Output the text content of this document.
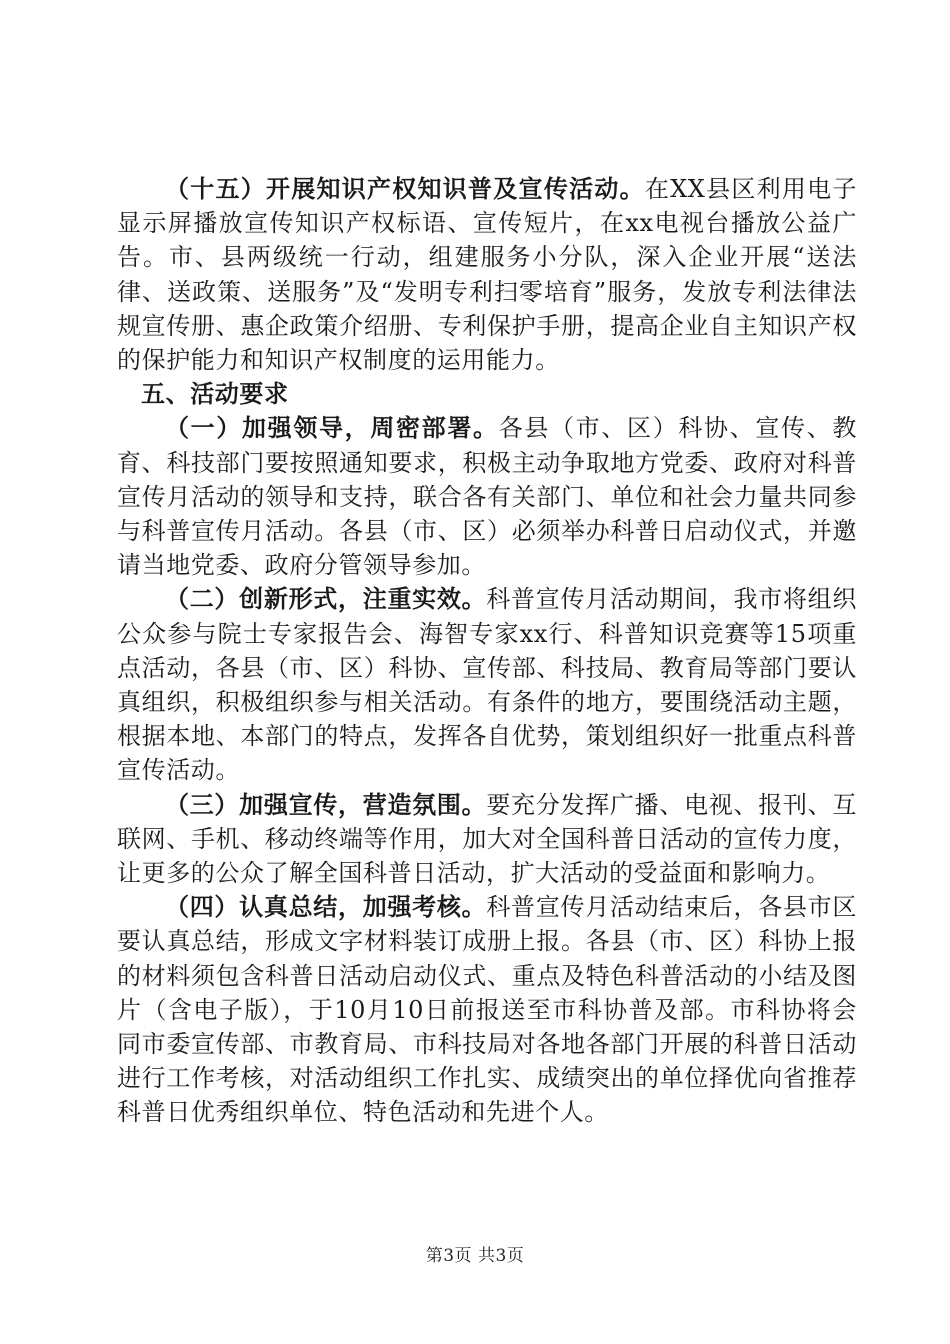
（十五）开展知识产权知识普及宣传活动。在XX县区利用电子显示屏播放宣传知识产权标语、宣传短片，在xx电视台播放公益广告。市、县两级统一行动，组建服务小分队，深入企业开展“送法律、送政策、送服务”及“发明专利扫零培育”服务，发放专利法律法规宣传册、惠企政策介绍册、专利保护手册，提高企业自主知识产权的保护能力和知识产权制度的运用能力。

五、活动要求

（一）加强领导，周密部署。各县（市、区）科协、宣传、教育、科技部门要按照通知要求，积极主动争取地方党委、政府对科普宣传月活动的领导和支持，联合各有关部门、单位和社会力量共同参与科普宣传月活动。各县（市、区）必须举办科普日启动仪式，并邀请当地党委、政府分管领导参加。

（二）创新形式，注重实效。科普宣传月活动期间，我市将组织公众参与院士专家报告会、海智专家xx行、科普知识竞赛等15项重点活动，各县（市、区）科协、宣传部、科技局、教育局等部门要认真组织，积极组织参与相关活动。有条件的地方，要围绕活动主题，根据本地、本部门的特点，发挥各自优势，策划组织好一批重点科普宣传活动。

（三）加强宣传，营造氛围。要充分发挥广播、电视、报刊、互联网、手机、移动终端等作用，加大对全国科普日活动的宣传力度，让更多的公众了解全国科普日活动，扩大活动的受益面和影响力。

（四）认真总结，加强考核。科普宣传月活动结束后，各县市区要认真总结，形成文字材料装订成册上报。各县（市、区）科协上报的材料须包含科普日活动启动仪式、重点及特色科普活动的小结及图片（含电子版），于10月10日前报送至市科协普及部。市科协将会同市委宣传部、市教育局、市科技局对各地各部门开展的科普日活动进行工作考核，对活动组织工作扎实、成绩突出的单位择优向省推荐科普日优秀组织单位、特色活动和先进个人。

第3页 共3页
